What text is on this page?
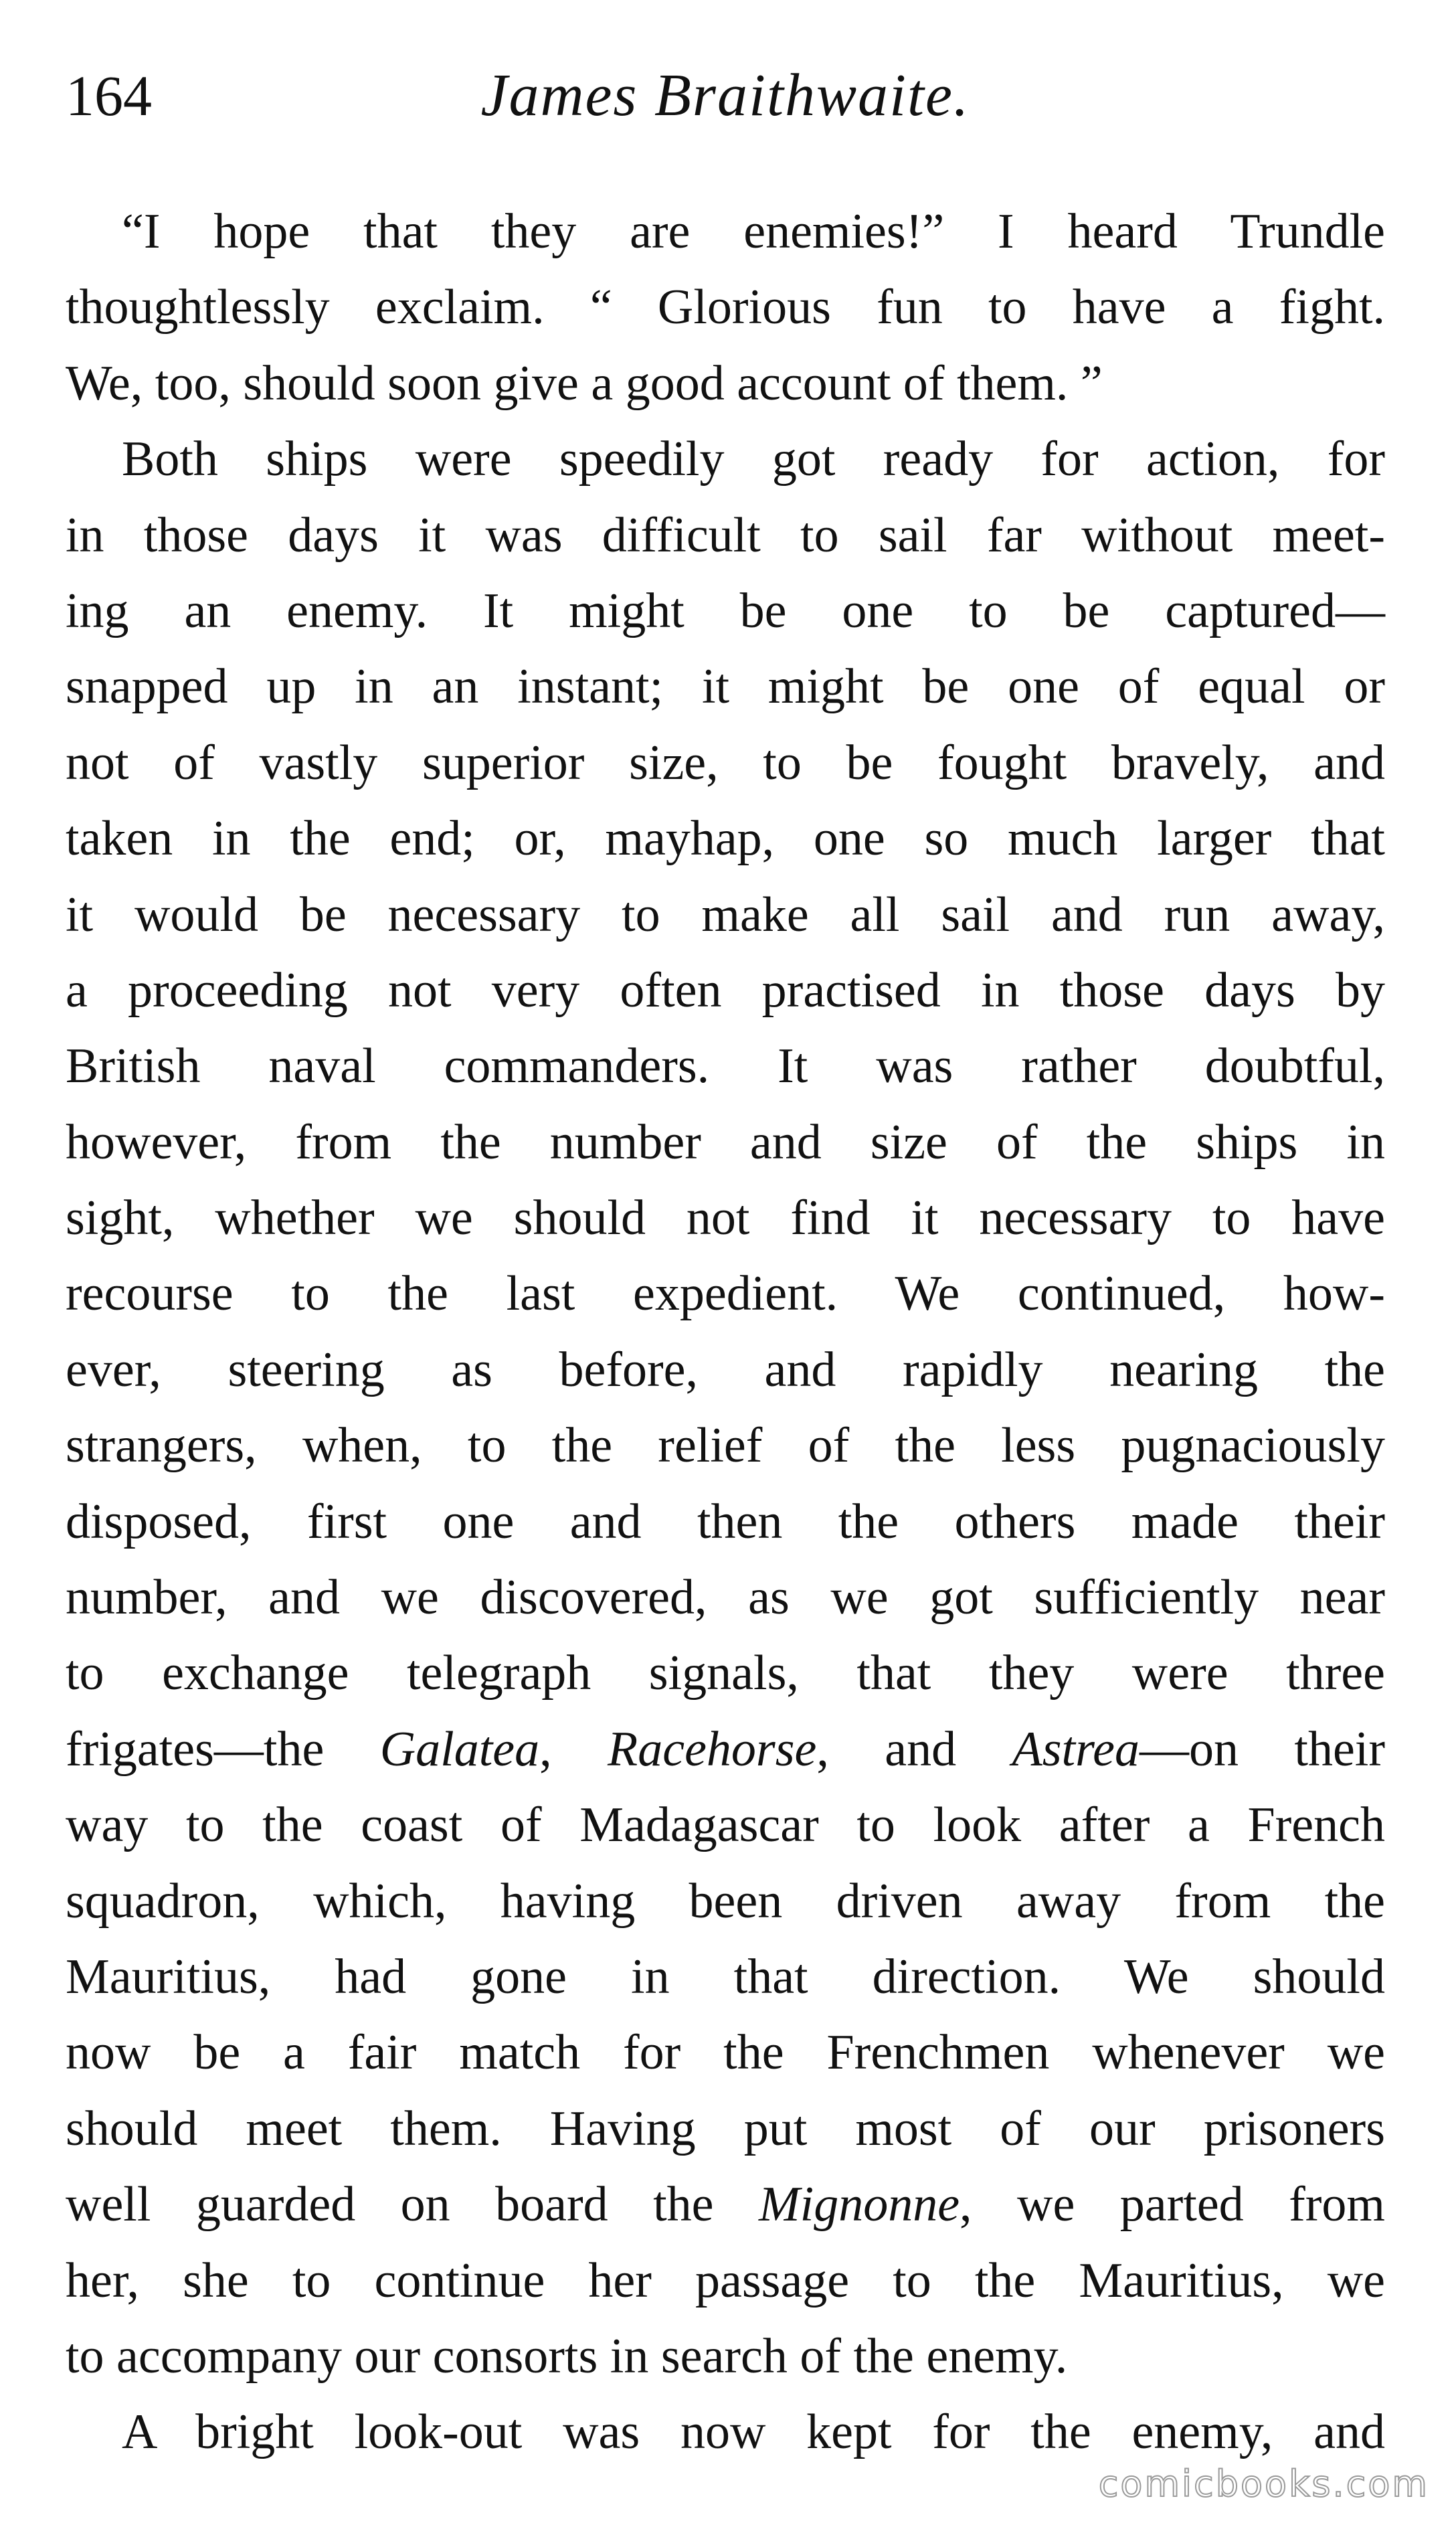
164	James Braithwaite.
“I hope that they are enemies!” I heard Trundle
thoughtlessly exclaim. “ Glorious fun to have a fight.
We, too, should soon give a good account of them. ”
Both ships were speedily got ready for action, for
in those days it was difficult to sail far without meet-
ing an enemy. It might be one to be captured—
snapped up in an instant; it might be one of equal or
not of vastly superior size, to be fought bravely, and
taken in the end; or, mayhap, one so much larger that
it would be necessary to make all sail and run away,
a proceeding not very often practised in those days by
British naval commanders. It was rather doubtful,
however, from the number and size of the ships in
sight, whether we should not find it necessary to have
recourse to the last expedient. We continued, how-
ever, steering as before, and rapidly nearing the
strangers, when, to the relief of the less pugnaciously
disposed, first one and then the others made their
number, and we discovered, as we got sufficiently near
to exchange telegraph signals, that they were three
frigates—the Galatea, Racehorse, and Astrea—on their
way to the coast of Madagascar to look after a French
squadron, which, having been driven away from the
Mauritius, had gone in that direction. We should
now be a fair match for the Frenchmen whenever we
should meet them. Having put most of our prisoners
well guarded on board the Mignonne, we parted from
her, she to continue her passage to the Mauritius, we
to accompany our consorts in search of the enemy.
A bright look-out was now kept for the enemy, and
comicbooks.com
